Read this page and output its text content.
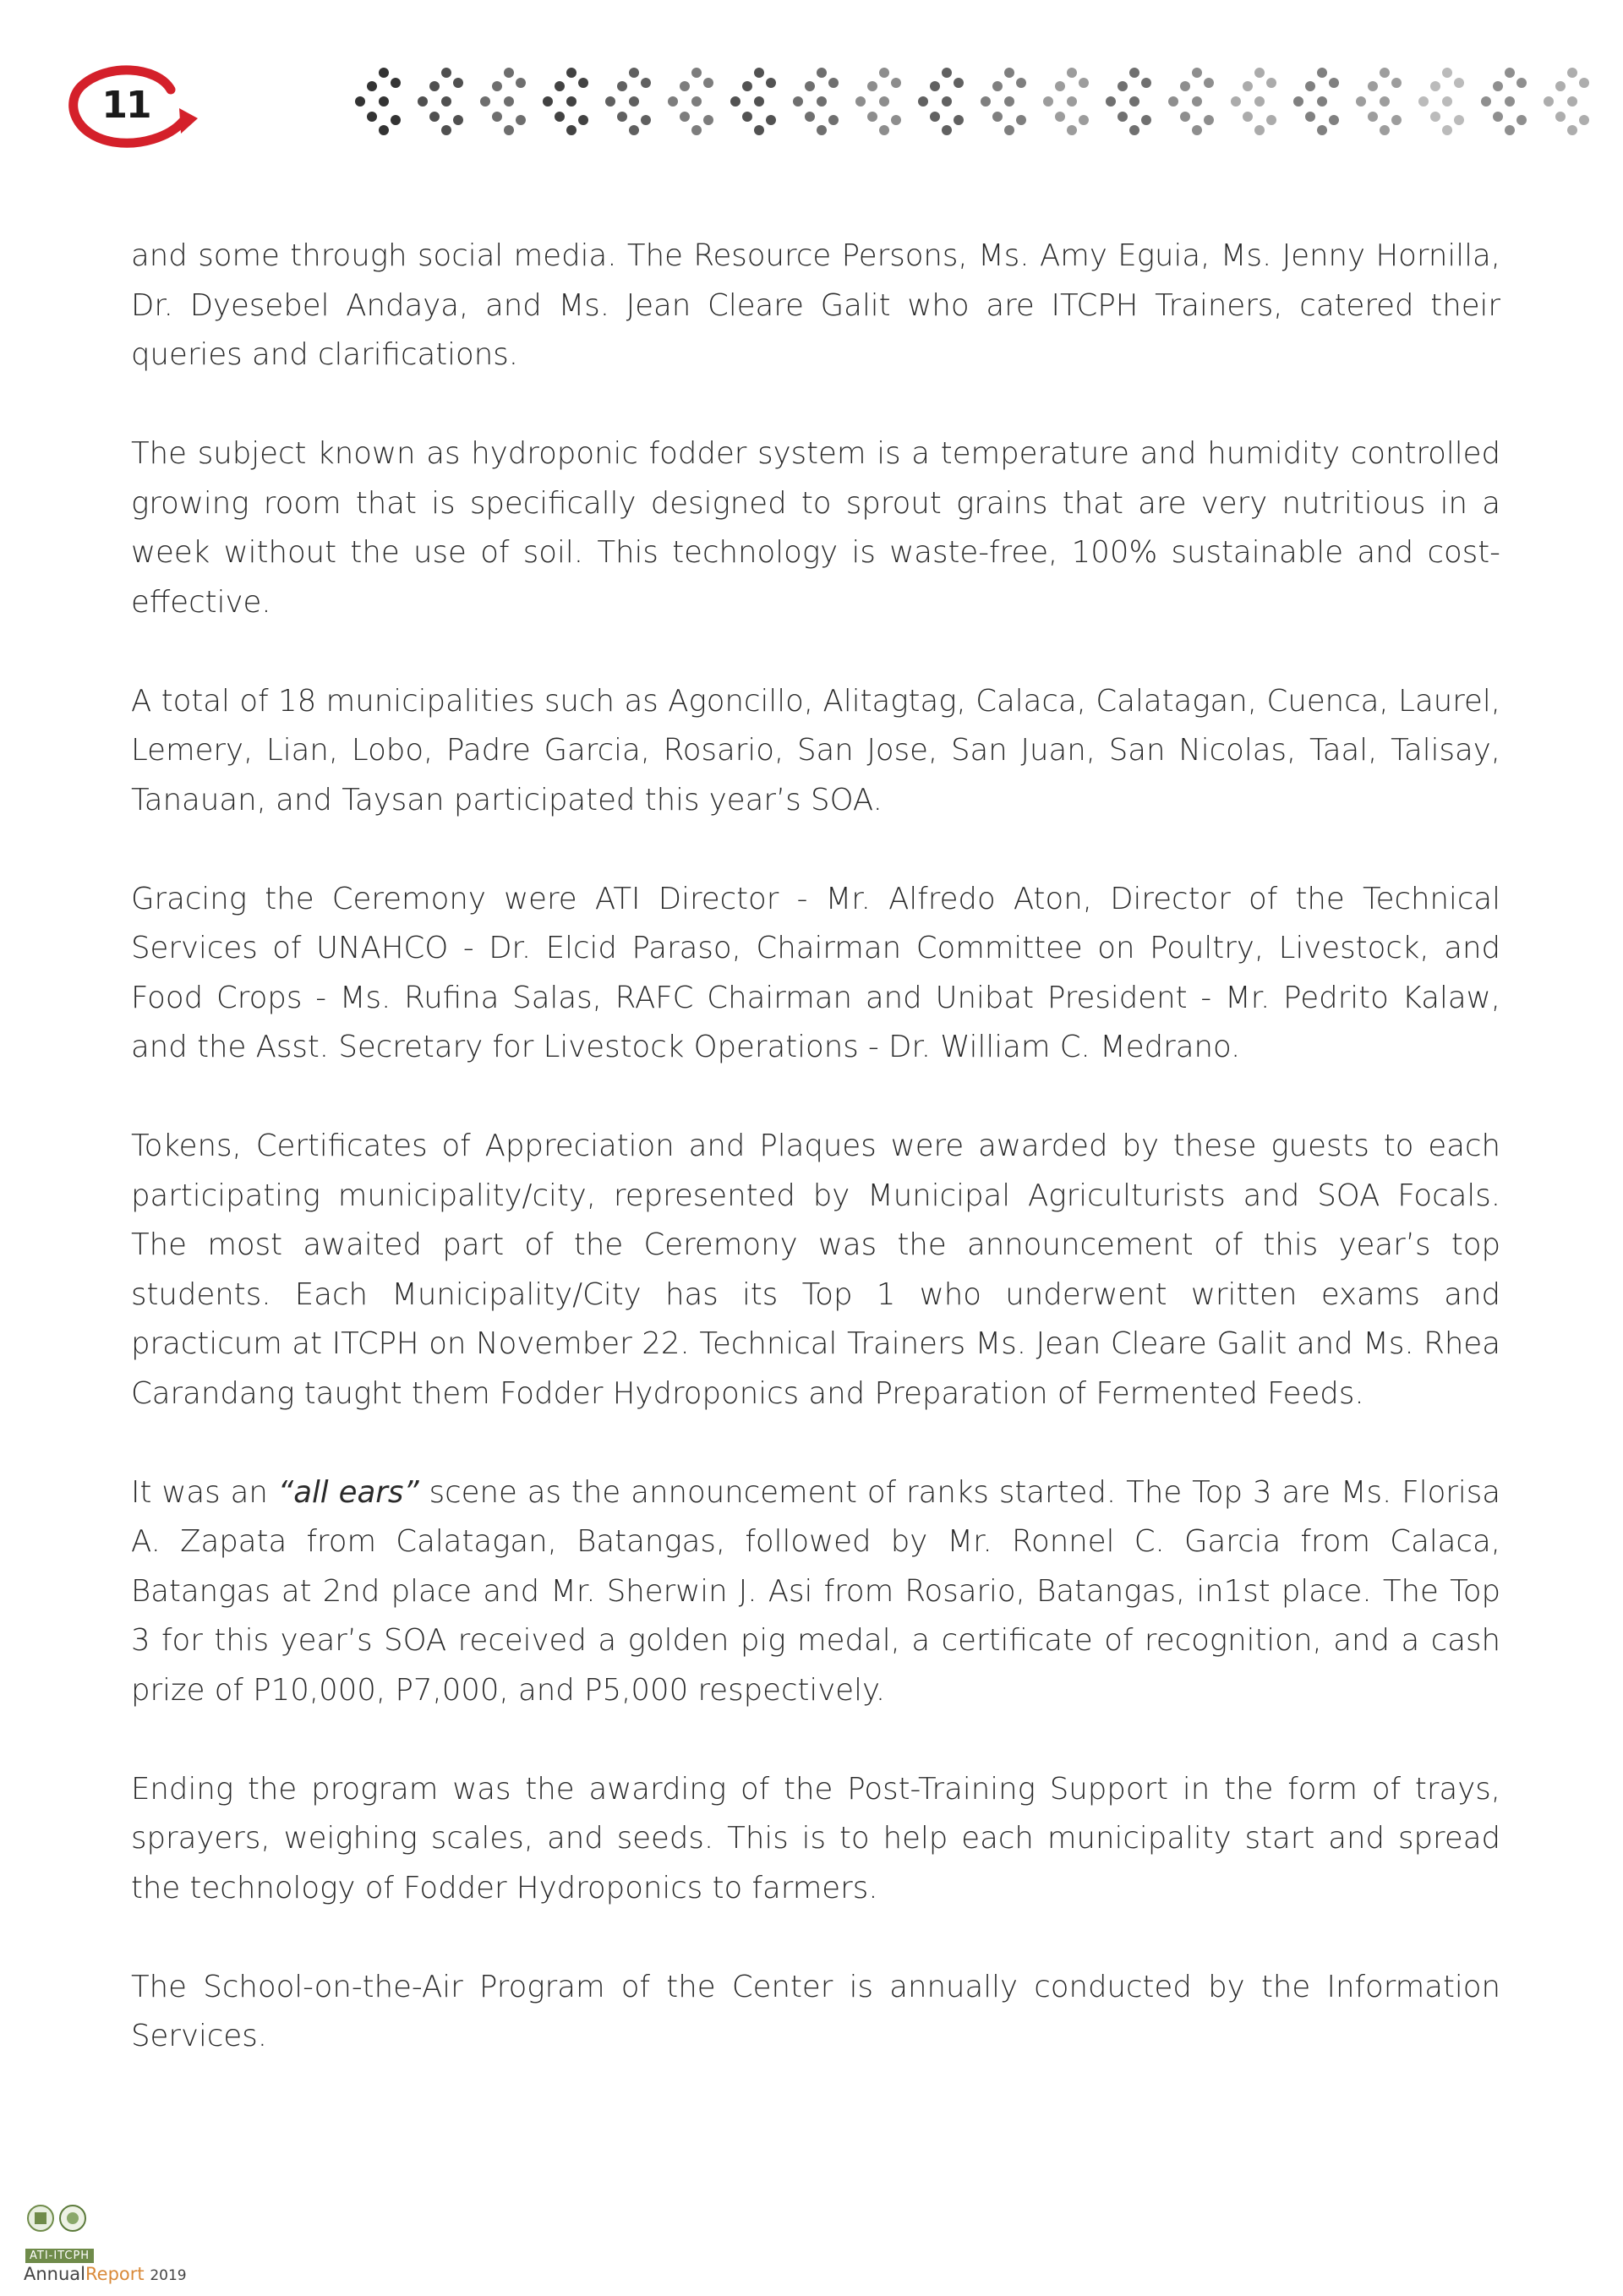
11

and some through social media. The Resource Persons, Ms. Amy Eguia, Ms. Jenny Hornilla, Dr. Dyesebel Andaya, and Ms. Jean Cleare Galit who are ITCPH Trainers, catered their queries and clarifications.

The subject known as hydroponic fodder system is a temperature and humidity controlled growing room that is specifically designed to sprout grains that are very nutritious in a week without the use of soil. This technology is waste-free, 100% sustainable and cost-effective.

A total of 18 municipalities such as Agoncillo, Alitagtag, Calaca, Calatagan, Cuenca, Laurel, Lemery, Lian, Lobo, Padre Garcia, Rosario, San Jose, San Juan, San Nicolas, Taal, Talisay, Tanauan, and Taysan participated this year’s SOA.

Gracing the Ceremony were ATI Director - Mr. Alfredo Aton, Director of the Technical Services of UNAHCO - Dr. Elcid Paraso, Chairman Committee on Poultry, Livestock, and Food Crops - Ms. Rufina Salas, RAFC Chairman and Unibat President - Mr. Pedrito Kalaw, and the Asst. Secretary for Livestock Operations - Dr. William C. Medrano.

Tokens, Certificates of Appreciation and Plaques were awarded by these guests to each participating municipality/city, represented by Municipal Agriculturists and SOA Focals. The most awaited part of the Ceremony was the announcement of this year’s top students. Each Municipality/City has its Top 1 who underwent written exams and practicum at ITCPH on November 22. Technical Trainers Ms. Jean Cleare Galit and Ms. Rhea Carandang taught them Fodder Hydroponics and Preparation of Fermented Feeds.

It was an “all ears” scene as the announcement of ranks started. The Top 3 are Ms. Florisa A. Zapata from Calatagan, Batangas, followed by Mr. Ronnel C. Garcia from Calaca, Batangas at 2nd place and Mr. Sherwin J. Asi from Rosario, Batangas, in1st place. The Top 3 for this year’s SOA received a golden pig medal, a certificate of recognition, and a cash prize of P10,000, P7,000, and P5,000 respectively.

Ending the program was the awarding of the Post-Training Support in the form of trays, sprayers, weighing scales, and seeds. This is to help each municipality start and spread the technology of Fodder Hydroponics to farmers.

The School-on-the-Air Program of the Center is annually conducted by the Information Services.

ATI-ITCPH
AnnualReport 2019
